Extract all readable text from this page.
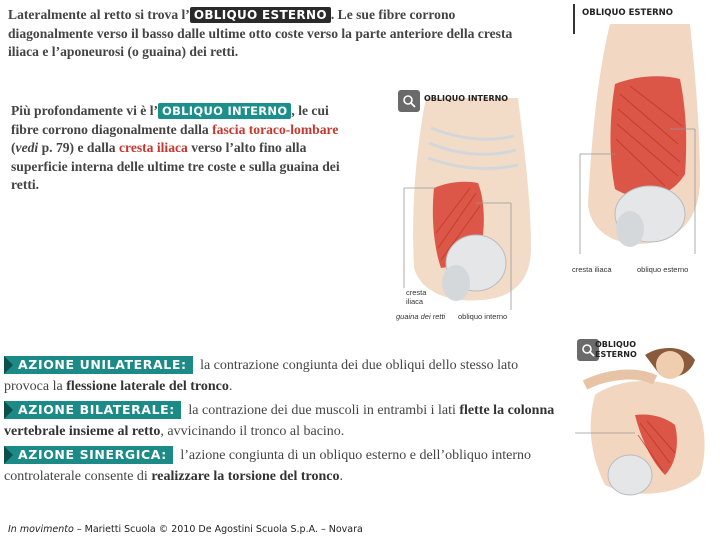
Lateralmente al retto si trova l’ OBLIQUO ESTERNO . Le sue fibre corrono diagonalmente verso il basso dalle ultime otto coste verso la parte anteriore della cresta iliaca e l’aponeurosi (o guaina) dei retti.
Più profondamente vi è l’ OBLIQUO INTERNO , le cui fibre corrono diagonalmente dalla fascia toraco-lombare (vedi p. 79) e dalla cresta iliaca verso l’alto fino alla superficie interna delle ultime tre coste e sulla guaina dei retti.
OBLIQUO ESTERNO
cresta iliaca	obliquo esterno
OBLIQUO INTERNO
cresta iliaca
guaina dei retti obliquo interno
OBLIQUO
ESTERNO
AZIONE UNILATERALE: la contrazione congiunta dei due obliqui dello stesso lato provoca la flessione laterale del tronco.
AZIONE BILATERALE: la contrazione dei due muscoli in entrambi i lati flette la colonna vertebrale insieme al retto, avvicinando il tronco al bacino.
AZIONE SINERGICA: l’azione congiunta di un obliquo esterno e dell’obliquo interno controlaterale consente di realizzare la torsione del tronco.
In movimento – Marietti Scuola © 2010 De Agostini Scuola S.p.A. – Novara
